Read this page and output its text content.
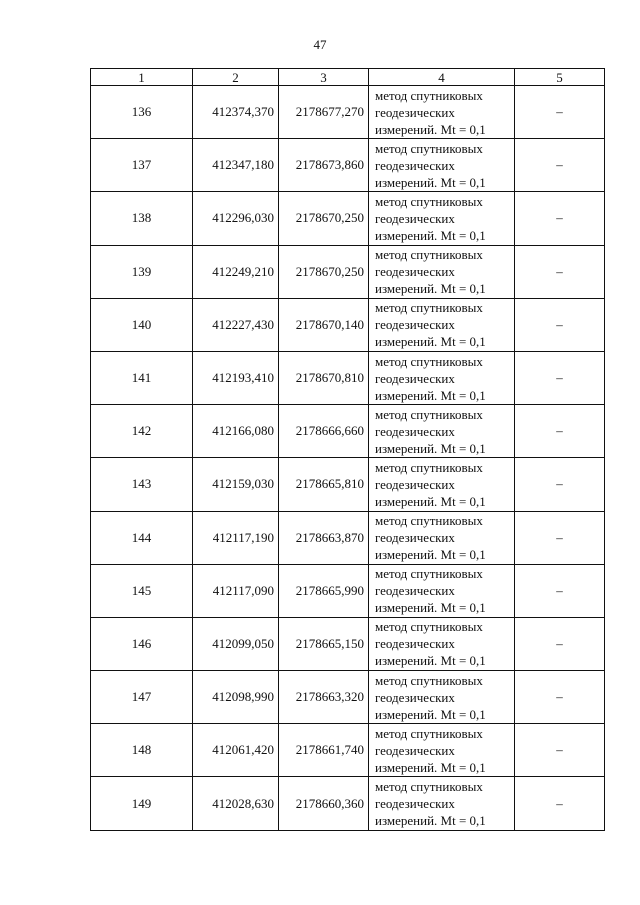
47
1	2	3	4	5
136	412374,370	2178677,270	метод спутниковых
геодезических
измерений. Mt = 0,1	–
137	412347,180	2178673,860	метод спутниковых
геодезических
измерений. Mt = 0,1	–
138	412296,030	2178670,250	метод спутниковых
геодезических
измерений. Mt = 0,1	–
139	412249,210	2178670,250	метод спутниковых
геодезических
измерений. Mt = 0,1	–
140	412227,430	2178670,140	метод спутниковых
геодезических
измерений. Mt = 0,1	–
141	412193,410	2178670,810	метод спутниковых
геодезических
измерений. Mt = 0,1	–
142	412166,080	2178666,660	метод спутниковых
геодезических
измерений. Mt = 0,1	–
143	412159,030	2178665,810	метод спутниковых
геодезических
измерений. Mt = 0,1	–
144	412117,190	2178663,870	метод спутниковых
геодезических
измерений. Mt = 0,1	–
145	412117,090	2178665,990	метод спутниковых
геодезических
измерений. Mt = 0,1	–
146	412099,050	2178665,150	метод спутниковых
геодезических
измерений. Mt = 0,1	–
147	412098,990	2178663,320	метод спутниковых
геодезических
измерений. Mt = 0,1	–
148	412061,420	2178661,740	метод спутниковых
геодезических
измерений. Mt = 0,1	–
149	412028,630	2178660,360	метод спутниковых
геодезических
измерений. Mt = 0,1	–
